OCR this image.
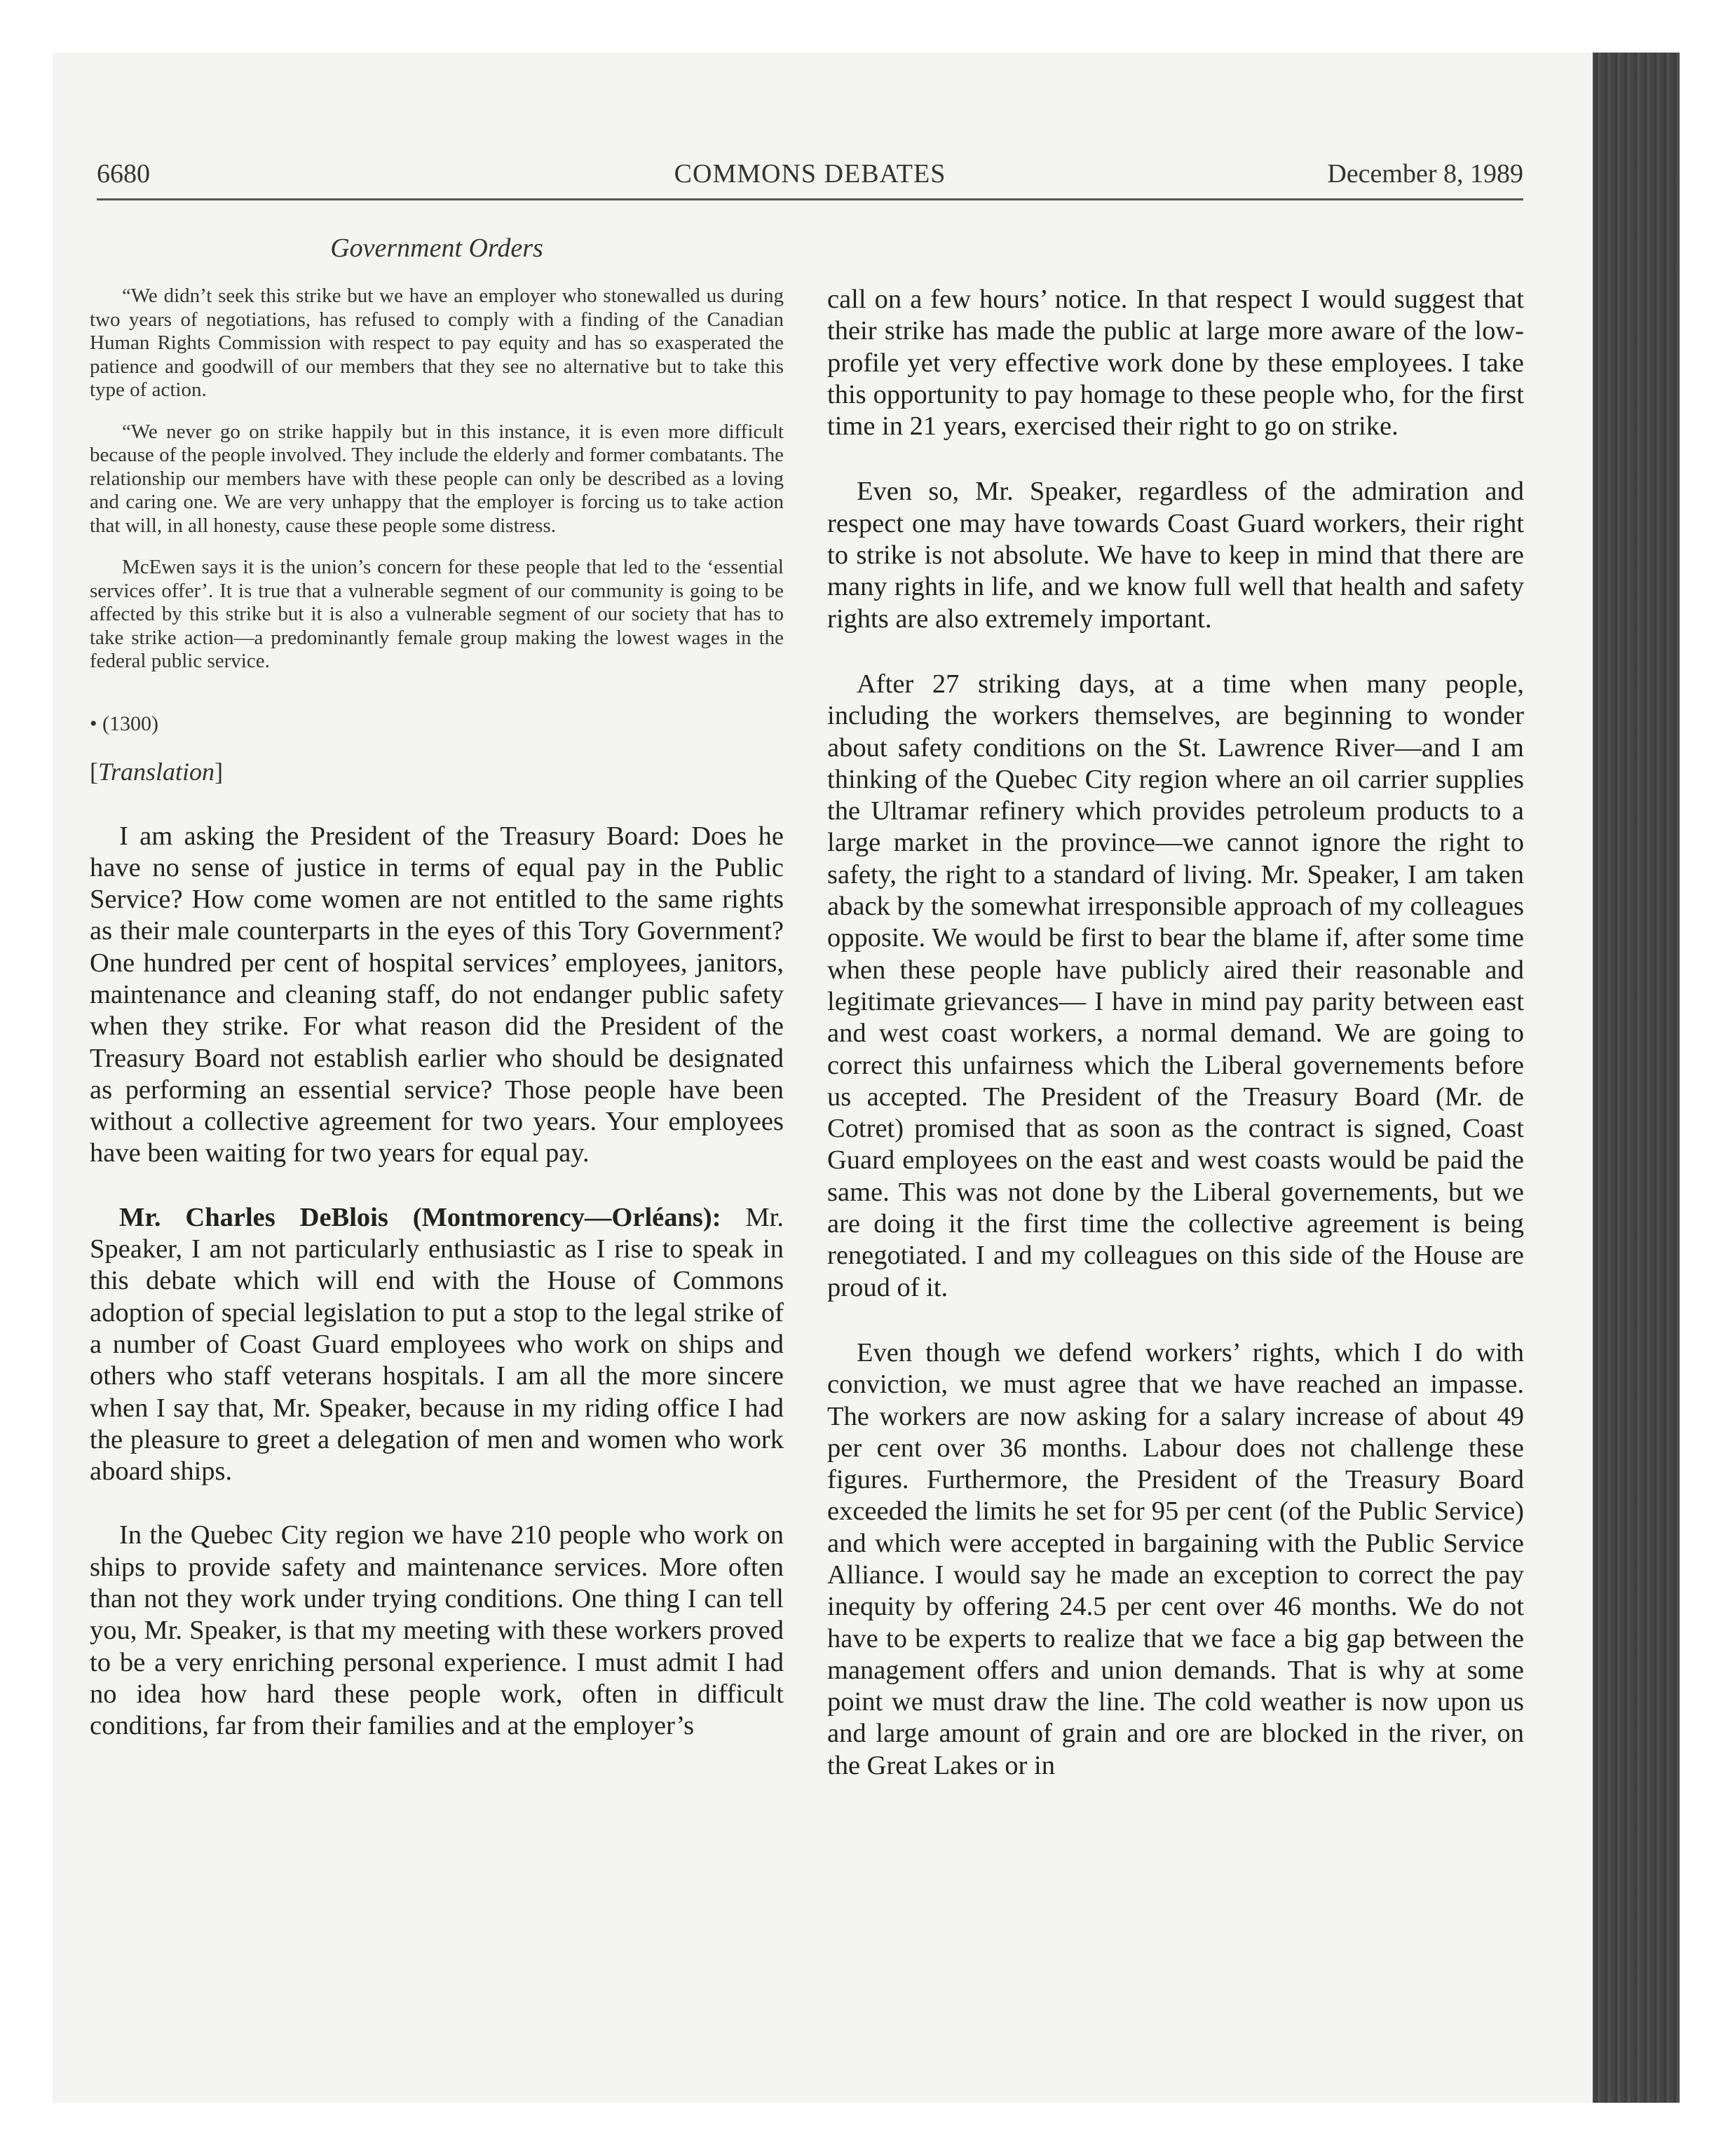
6680	COMMONS DEBATES	December 8, 1989
Government Orders

“We didn’t seek this strike but we have an employer who stonewalled us during two years of negotiations, has refused to comply with a finding of the Canadian Human Rights Commission with respect to pay equity and has so exasperated the patience and goodwill of our members that they see no alternative but to take this type of action.

“We never go on strike happily but in this instance, it is even more difficult because of the people involved. They include the elderly and former combatants. The relationship our members have with these people can only be described as a loving and caring one. We are very unhappy that the employer is forcing us to take action that will, in all honesty, cause these people some distress.

McEwen says it is the union’s concern for these people that led to the ‘essential services offer’. It is true that a vulnerable segment of our community is going to be affected by this strike but it is also a vulnerable segment of our society that has to take strike action—a predominantly female group making the lowest wages in the federal public service.

• (1300)
[Translation]

I am asking the President of the Treasury Board: Does he have no sense of justice in terms of equal pay in the Public Service? How come women are not entitled to the same rights as their male counterparts in the eyes of this Tory Government? One hundred per cent of hospital services’ employees, janitors, maintenance and cleaning staff, do not endanger public safety when they strike. For what reason did the President of the Treasury Board not establish earlier who should be designated as performing an essential service? Those people have been without a collective agreement for two years. Your employees have been waiting for two years for equal pay.

Mr. Charles DeBlois (Montmorency—Orléans): Mr. Speaker, I am not particularly enthusiastic as I rise to speak in this debate which will end with the House of Commons adoption of special legislation to put a stop to the legal strike of a number of Coast Guard employees who work on ships and others who staff veterans hospitals. I am all the more sincere when I say that, Mr. Speaker, because in my riding office I had the pleasure to greet a delegation of men and women who work aboard ships.

In the Quebec City region we have 210 people who work on ships to provide safety and maintenance services. More often than not they work under trying conditions. One thing I can tell you, Mr. Speaker, is that my meeting with these workers proved to be a very enriching personal experience. I must admit I had no idea how hard these people work, often in difficult conditions, far from their families and at the employer’s

call on a few hours’ notice. In that respect I would suggest that their strike has made the public at large more aware of the low-profile yet very effective work done by these employees. I take this opportunity to pay homage to these people who, for the first time in 21 years, exercised their right to go on strike.

Even so, Mr. Speaker, regardless of the admiration and respect one may have towards Coast Guard workers, their right to strike is not absolute. We have to keep in mind that there are many rights in life, and we know full well that health and safety rights are also extremely important.

After 27 striking days, at a time when many people, including the workers themselves, are beginning to wonder about safety conditions on the St. Lawrence River—and I am thinking of the Quebec City region where an oil carrier supplies the Ultramar refinery which provides petroleum products to a large market in the province—we cannot ignore the right to safety, the right to a standard of living. Mr. Speaker, I am taken aback by the somewhat irresponsible approach of my colleagues opposite. We would be first to bear the blame if, after some time when these people have publicly aired their reasonable and legitimate grievances— I have in mind pay parity between east and west coast workers, a normal demand. We are going to correct this unfairness which the Liberal governements before us accepted. The President of the Treasury Board (Mr. de Cotret) promised that as soon as the contract is signed, Coast Guard employees on the east and west coasts would be paid the same. This was not done by the Liberal governements, but we are doing it the first time the collective agreement is being renegotiated. I and my colleagues on this side of the House are proud of it.

Even though we defend workers’ rights, which I do with conviction, we must agree that we have reached an impasse. The workers are now asking for a salary increase of about 49 per cent over 36 months. Labour does not challenge these figures. Furthermore, the President of the Treasury Board exceeded the limits he set for 95 per cent (of the Public Service) and which were accepted in bargaining with the Public Service Alliance. I would say he made an exception to correct the pay inequity by offering 24.5 per cent over 46 months. We do not have to be experts to realize that we face a big gap between the management offers and union demands. That is why at some point we must draw the line. The cold weather is now upon us and large amount of grain and ore are blocked in the river, on the Great Lakes or in
